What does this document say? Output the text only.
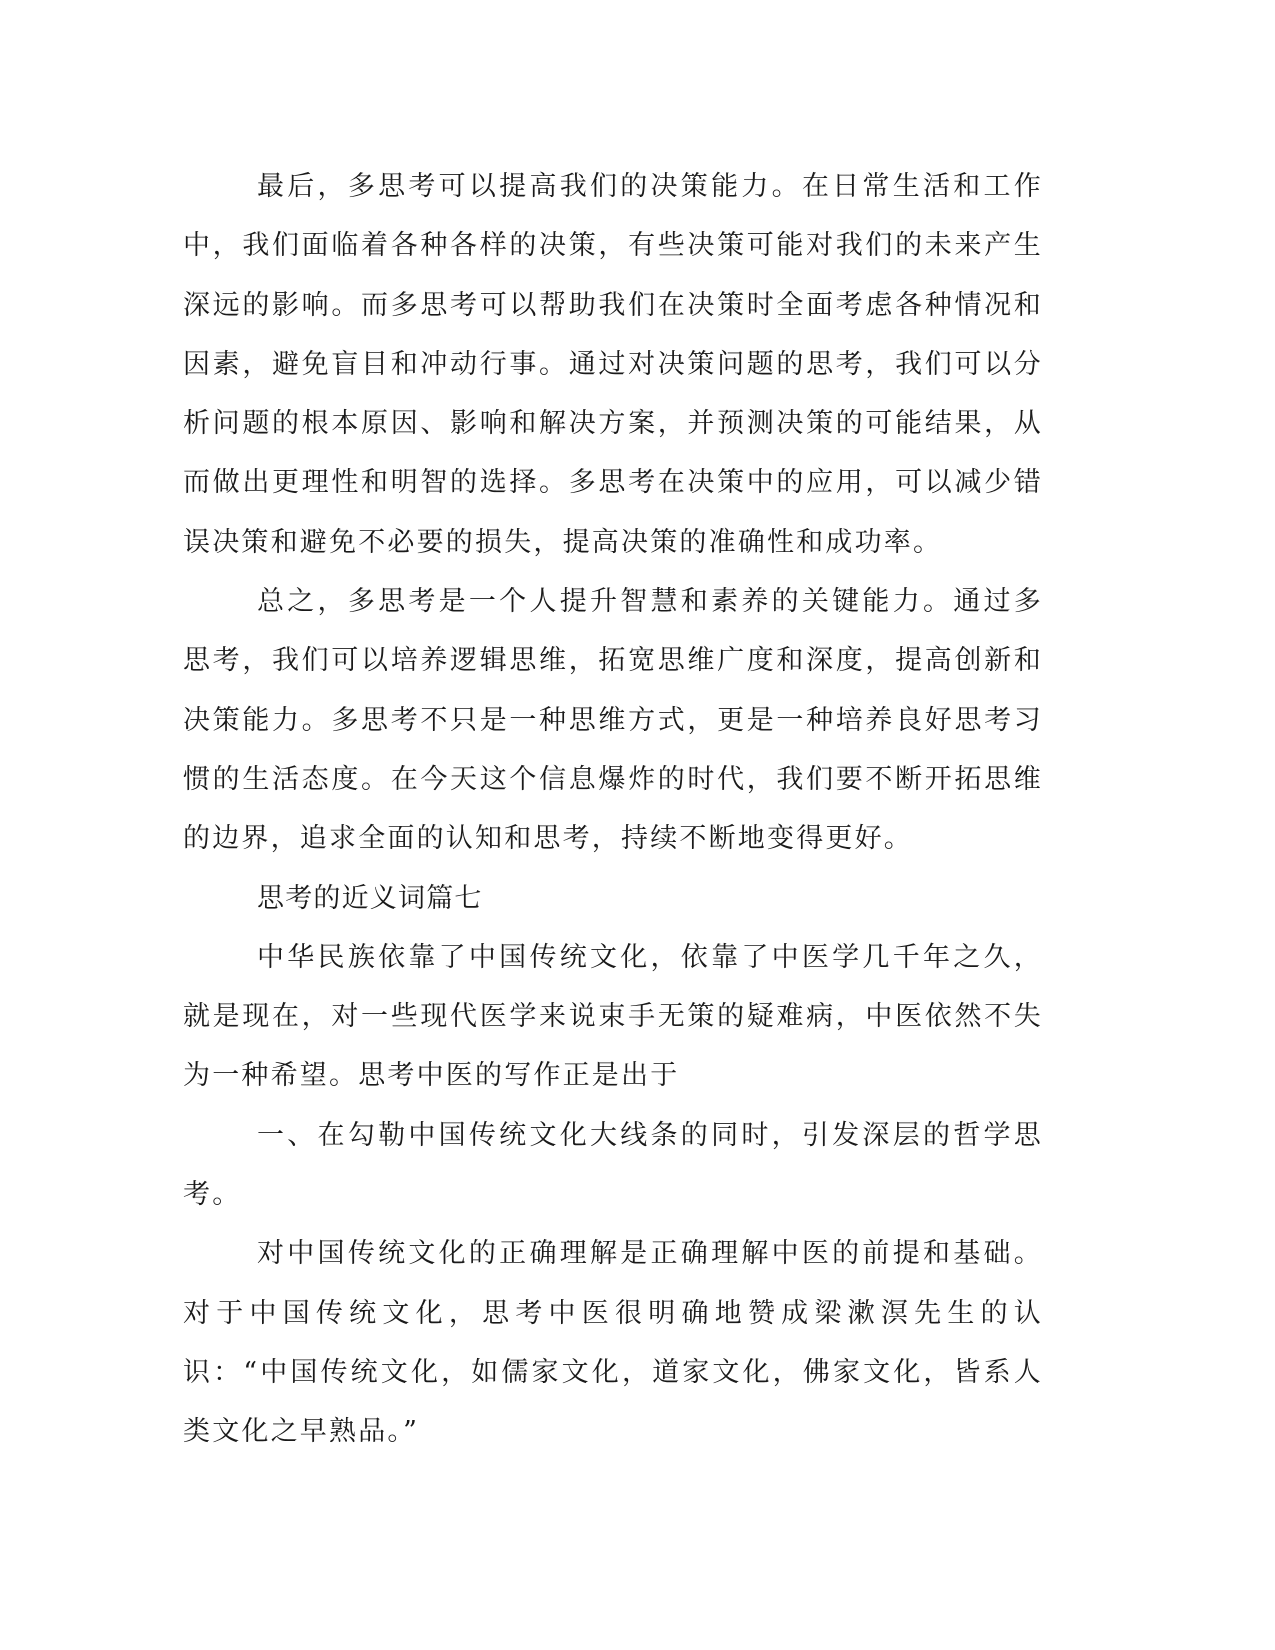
最后，多思考可以提高我们的决策能力。在日常生活和工作中，我们面临着各种各样的决策，有些决策可能对我们的未来产生深远的影响。而多思考可以帮助我们在决策时全面考虑各种情况和因素，避免盲目和冲动行事。通过对决策问题的思考，我们可以分析问题的根本原因、影响和解决方案，并预测决策的可能结果，从而做出更理性和明智的选择。多思考在决策中的应用，可以减少错误决策和避免不必要的损失，提高决策的准确性和成功率。

总之，多思考是一个人提升智慧和素养的关键能力。通过多思考，我们可以培养逻辑思维，拓宽思维广度和深度，提高创新和决策能力。多思考不只是一种思维方式，更是一种培养良好思考习惯的生活态度。在今天这个信息爆炸的时代，我们要不断开拓思维的边界，追求全面的认知和思考，持续不断地变得更好。

思考的近义词篇七

中华民族依靠了中国传统文化，依靠了中医学几千年之久，就是现在，对一些现代医学来说束手无策的疑难病，中医依然不失为一种希望。思考中医的写作正是出于

一、在勾勒中国传统文化大线条的同时，引发深层的哲学思考。

对中国传统文化的正确理解是正确理解中医的前提和基础。对于中国传统文化，思考中医很明确地赞成梁漱溟先生的认识：“中国传统文化，如儒家文化，道家文化，佛家文化，皆系人类文化之早熟品。”
